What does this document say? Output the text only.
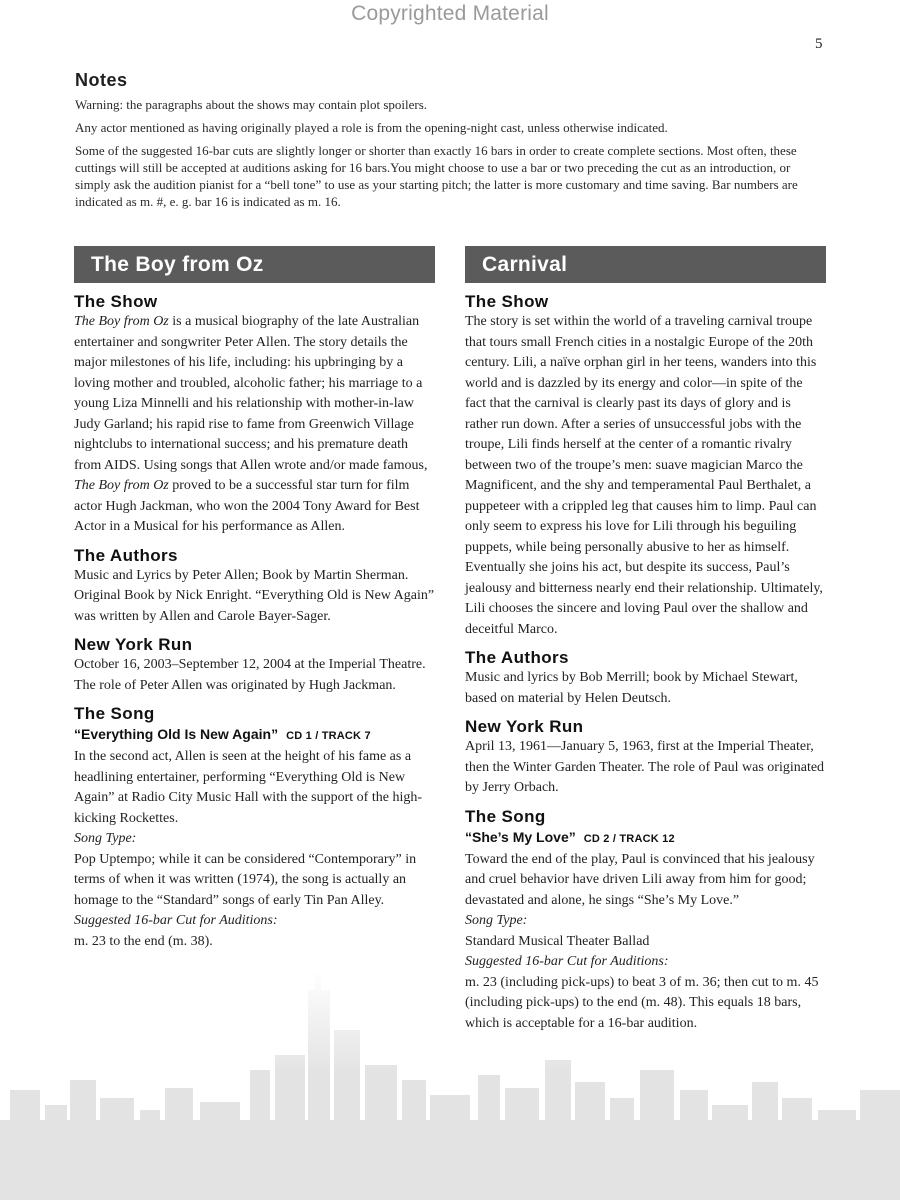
Copyrighted Material
5
Notes

Warning: the paragraphs about the shows may contain plot spoilers.

Any actor mentioned as having originally played a role is from the opening-night cast, unless otherwise indicated.

Some of the suggested 16-bar cuts are slightly longer or shorter than exactly 16 bars in order to create complete sections. Most often, these cuttings will still be accepted at auditions asking for 16 bars.You might choose to use a bar or two preceding the cut as an introduction, or simply ask the audition pianist for a “bell tone” to use as your starting pitch; the latter is more customary and time saving. Bar numbers are indicated as m. #, e. g. bar 16 is indicated as m. 16.

The Boy from Oz
The Show

The Boy from Oz is a musical biography of the late Australian entertainer and songwriter Peter Allen. The story details the major milestones of his life, including: his upbringing by a loving mother and troubled, alcoholic father; his marriage to a young Liza Minnelli and his relationship with mother-in-law Judy Garland; his rapid rise to fame from Greenwich Village nightclubs to international success; and his premature death from AIDS. Using songs that Allen wrote and/or made famous, The Boy from Oz proved to be a successful star turn for film actor Hugh Jackman, who won the 2004 Tony Award for Best Actor in a Musical for his performance as Allen.

The Authors

Music and Lyrics by Peter Allen; Book by Martin Sherman. Original Book by Nick Enright. “Everything Old is New Again” was written by Allen and Carole Bayer-Sager.

New York Run

October 16, 2003–September 12, 2004 at the Imperial Theatre. The role of Peter Allen was originated by Hugh Jackman.

The Song
“Everything Old Is New Again” CD 1 / TRACK 7

In the second act, Allen is seen at the height of his fame as a headlining entertainer, performing “Everything Old is New Again” at Radio City Music Hall with the support of the high-kicking Rockettes.

Song Type:

Pop Uptempo; while it can be considered “Contemporary” in terms of when it was written (1974), the song is actually an homage to the “Standard” songs of early Tin Pan Alley.

Suggested 16-bar Cut for Auditions:

m. 23 to the end (m. 38).

Carnival
The Show

The story is set within the world of a traveling carnival troupe that tours small French cities in a nostalgic Europe of the 20th century. Lili, a naïve orphan girl in her teens, wanders into this world and is dazzled by its energy and color—in spite of the fact that the carnival is clearly past its days of glory and is rather run down. After a series of unsuccessful jobs with the troupe, Lili finds herself at the center of a romantic rivalry between two of the troupe’s men: suave magician Marco the Magnificent, and the shy and temperamental Paul Berthalet, a puppeteer with a crippled leg that causes him to limp. Paul can only seem to express his love for Lili through his beguiling puppets, while being personally abusive to her as himself. Eventually she joins his act, but despite its success, Paul’s jealousy and bitterness nearly end their relationship. Ultimately, Lili chooses the sincere and loving Paul over the shallow and deceitful Marco.

The Authors

Music and lyrics by Bob Merrill; book by Michael Stewart, based on material by Helen Deutsch.

New York Run

April 13, 1961—January 5, 1963, first at the Imperial Theater, then the Winter Garden Theater. The role of Paul was originated by Jerry Orbach.

The Song
“She’s My Love” CD 2 / TRACK 12

Toward the end of the play, Paul is convinced that his jealousy and cruel behavior have driven Lili away from him for good; devastated and alone, he sings “She’s My Love.”

Song Type:

Standard Musical Theater Ballad

Suggested 16-bar Cut for Auditions:

m. 23 (including pick-ups) to beat 3 of m. 36; then cut to m. 45 (including pick-ups) to the end (m. 48). This equals 18 bars, which is acceptable for a 16-bar audition.
